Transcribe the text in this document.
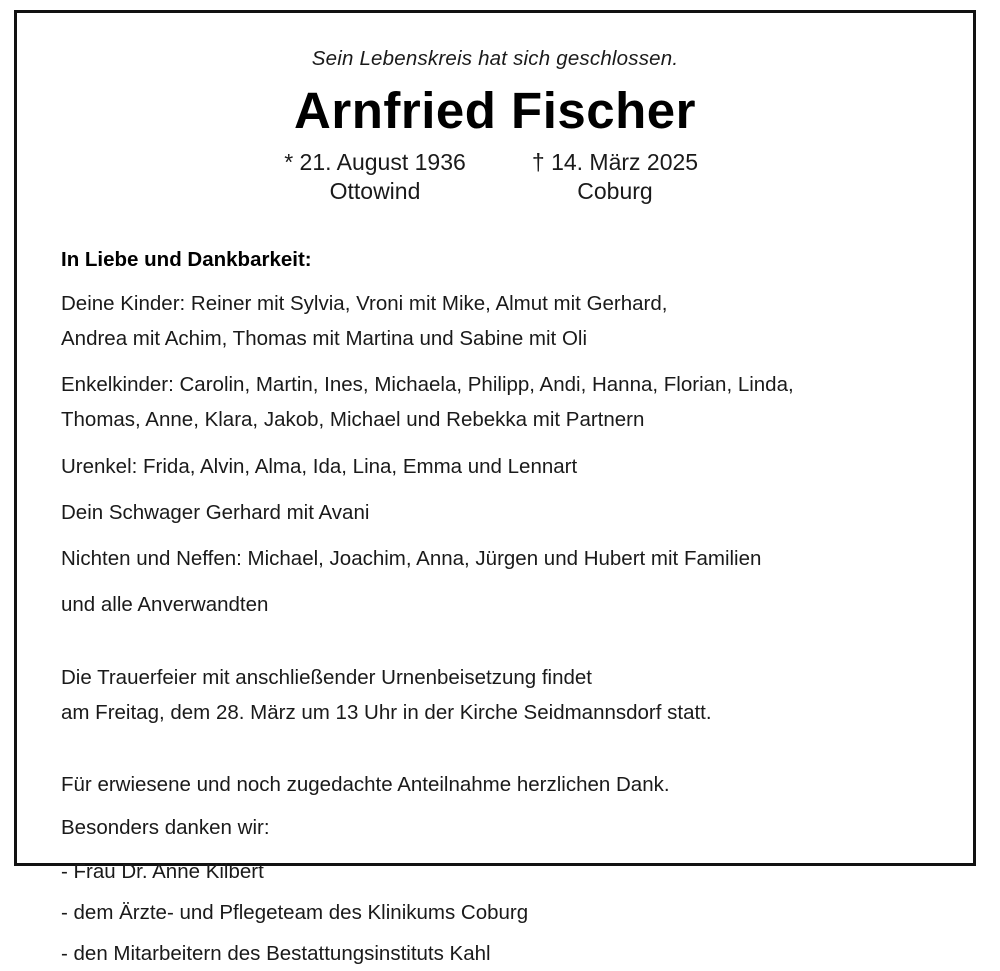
Sein Lebenskreis hat sich geschlossen.

Arnfried Fischer
* 21. August 1936
Ottowind
† 14. März 2025
Coburg

In Liebe und Dankbarkeit:

Deine Kinder: Reiner mit Sylvia, Vroni mit Mike, Almut mit Gerhard,
Andrea mit Achim, Thomas mit Martina und Sabine mit Oli

Enkelkinder: Carolin, Martin, Ines, Michaela, Philipp, Andi, Hanna, Florian, Linda,
Thomas, Anne, Klara, Jakob, Michael und Rebekka mit Partnern

Urenkel: Frida, Alvin, Alma, Ida, Lina, Emma und Lennart

Dein Schwager Gerhard mit Avani

Nichten und Neffen: Michael, Joachim, Anna, Jürgen und Hubert mit Familien

und alle Anverwandten

Die Trauerfeier mit anschließender Urnenbeisetzung findet
am Freitag, dem 28. März um 13 Uhr in der Kirche Seidmannsdorf statt.

Für erwiesene und noch zugedachte Anteilnahme herzlichen Dank.

Besonders danken wir:

- Frau Dr. Anne Kilbert
- dem Ärzte- und Pflegeteam des Klinikums Coburg
- den Mitarbeitern des Bestattungsinstituts Kahl
